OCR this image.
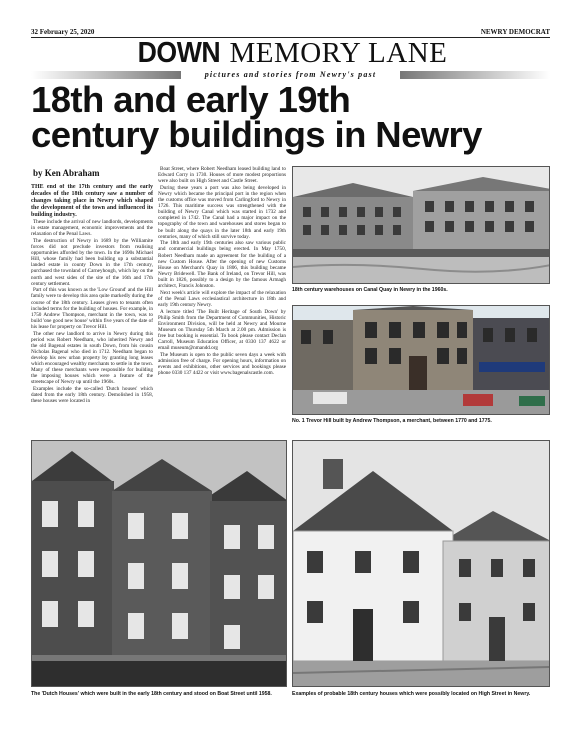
32 February 25, 2020	NEWRY DEMOCRAT
DOWN MEMORY LANE
pictures and stories from Newry's past
18th and early 19th
century buildings in Newry
by Ken Abraham

THE end of the 17th century and the early decades of the 18th century saw a number of changes taking place in Newry which shaped the development of the town and influenced its building industry.

These include the arrival of new landlords, developments in estate management, economic improvements and the relaxation of the Penal Laws.

The destruction of Newry in 1689 by the Williamite forces did not preclude investors from realising opportunities afforded by the town. In the 1690s Michael Hill, whose family had been building up a substantial landed estate in county Down in the 17th century, purchased the townland of Carneyhough, which lay on the north and west sides of the site of the 16th and 17th century settlement.

Part of this was known as the 'Low Ground' and the Hill family were to develop this area quite markedly during the course of the 18th century. Leases given to tenants often included terms for the building of houses. For example, in 1750 Andrew Thompson, merchant in the town, was to build 'one good new house' within five years of the date of his lease for property on Trevor Hill.

The other new landlord to arrive in Newry during this period was Robert Needham, who inherited Newry and the old Bagenal estates in south Down, from his cousin Nicholas Bagenal who died in 1712. Needham began to develop his new urban property by granting long leases which encouraged wealthy merchants to settle in the town. Many of these merchants were responsible for building the imposing houses which were a feature of the streetscape of Newry up until the 1960s.

Examples include the so-called 'Dutch houses' which dated from the early 18th century. Demolished in 1958, these houses were located in

Boat Street, where Robert Needham leased building land to Edward Corry in 1730. Houses of more modest proportions were also built on High Street and Castle Street.

During these years a port was also being developed in Newry which became the principal port in the region when the customs office was moved from Carlingford to Newry in 1726. This maritime success was strengthened with the building of Newry Canal which was started in 1732 and completed in 1742. The Canal had a major impact on the topography of the town and warehouses and stores began to be built along the quays in the later 18th and early 19th centuries, many of which still survive today.

The 18th and early 19th centuries also saw various public and commercial buildings being erected. In May 1750, Robert Needham made an agreement for the building of a new Custom House. After the opening of new Customs House on Merchant's Quay in 1806, this building became Newry Bridewell. The Bank of Ireland, on Trevor Hill, was built in 1826, possibly to a design by the famous Armagh architect, Francis Johnston.

Next week's article will explore the impact of the relaxation of the Penal Laws ecclesiastical architecture in 18th and early 19th century Newry.

A lecture titled 'The Built Heritage of South Down' by Philip Smith from the Department of Communities, Historic Environment Division, will be held at Newry and Mourne Museum on Thursday 5th March at 2.00 pm. Admission is free but booking is essential. To book please contact Declan Carroll, Museum Education Officer, at 0330 137 4622 or email museum@nmandd.org

The Museum is open to the public seven days a week with admission free of charge. For opening hours, information on events and exhibitions, other services and bookings please phone 0330 137 4422 or visit www.bagenalscastle.com.

18th century warehouses on Canal Quay in Newry in the 1960s.
No. 1 Trevor Hill built by Andrew Thompson, a merchant, between 1770 and 1775.
The 'Dutch Houses' which were built in the early 18th century and stood on Boat Street until 1958.	Examples of probable 18th century houses which were possibly located on High Street in Newry.
